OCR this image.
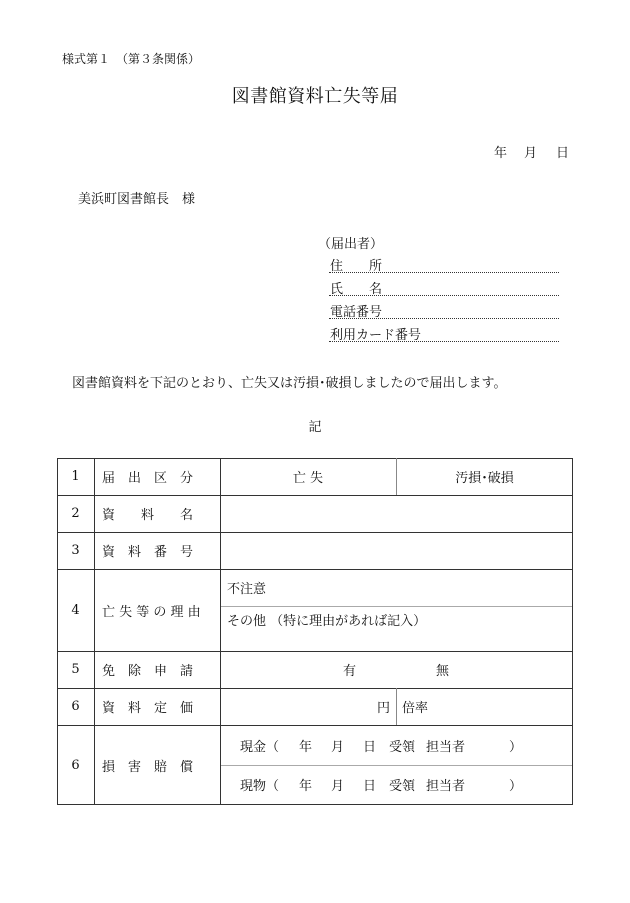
様式第１　（第３条関係）
図書館資料亡失等届
年 月 日
美浜町図書館長　様
（届出者）
住　　所
氏　　名
電話番号
利用カード番号
図書館資料を下記のとおり、亡失又は汚損･破損しましたので届出します。
記
1	届　出　区　分	亡 失	汚損･破損
2	資　　料　　名
3	資　料　番　号
4	亡 失 等 の 理 由
不注意
その他 （特に理由があれば記入）
5	免　除　申　請	有	無
6	資　料　定　価	円 倍率
6	損　害　賠　償
現金（ 年 月 日 受領 担当者	）
現物（ 年 月 日 受領 担当者	）
